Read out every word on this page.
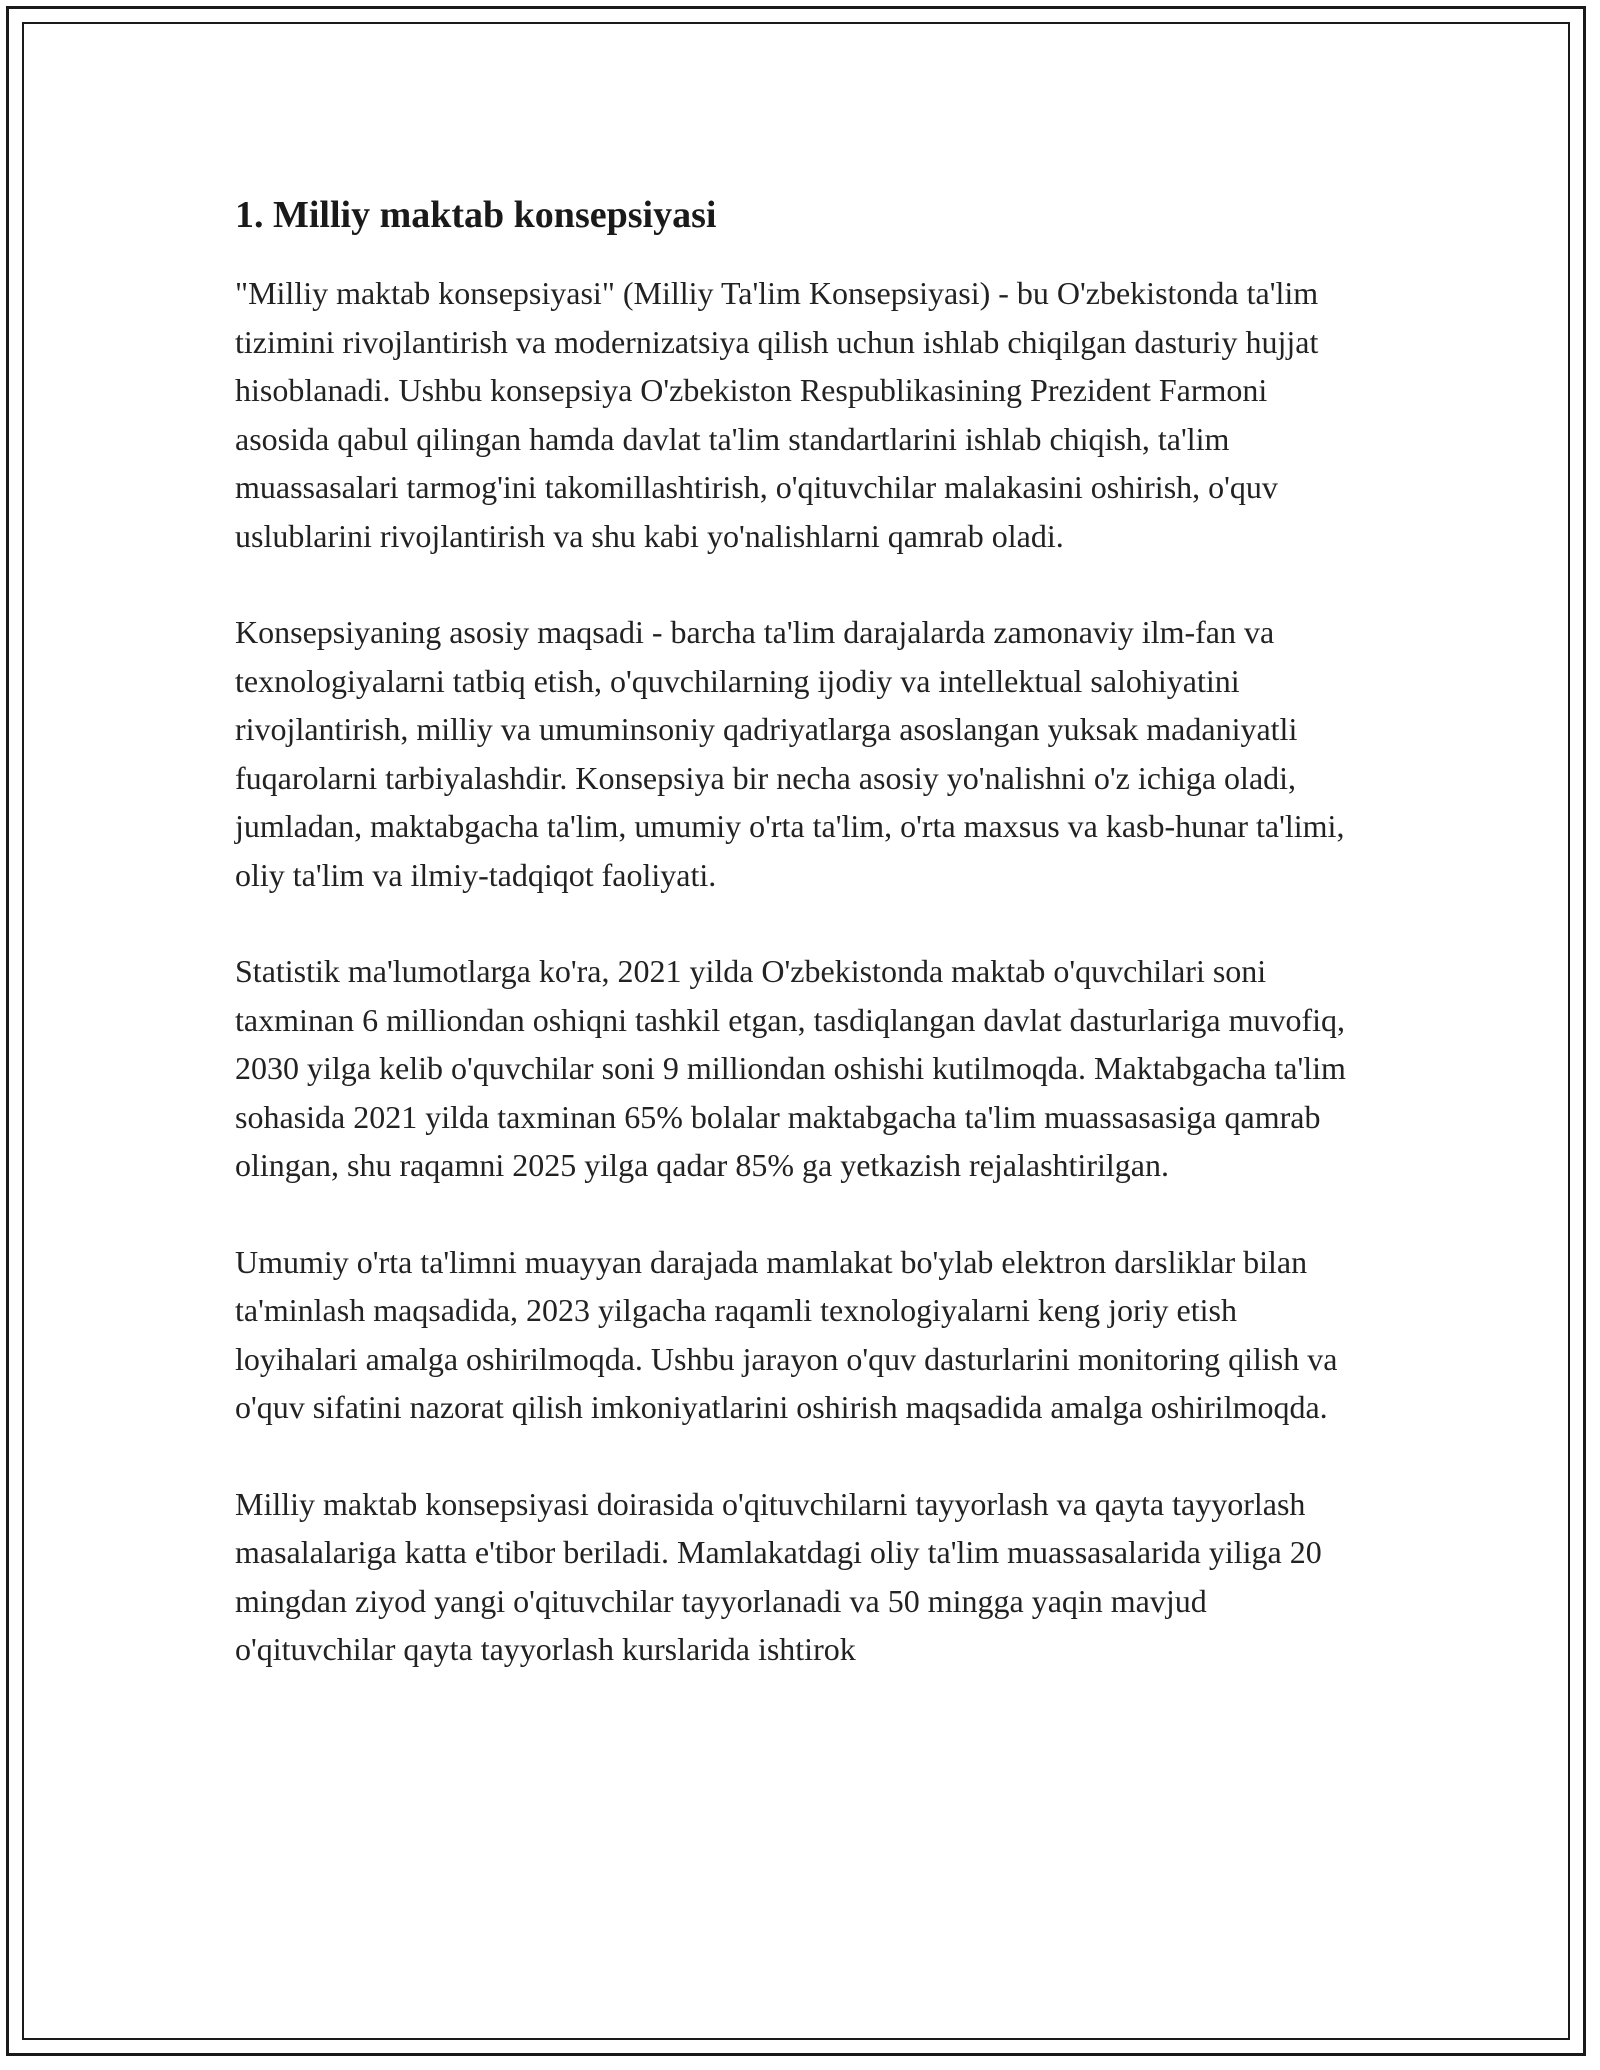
1. Milliy maktab konsepsiyasi

"Milliy maktab konsepsiyasi" (Milliy Ta'lim Konsepsiyasi) - bu O'zbekistonda ta'lim tizimini rivojlantirish va modernizatsiya qilish uchun ishlab chiqilgan dasturiy hujjat hisoblanadi. Ushbu konsepsiya O'zbekiston Respublikasining Prezident Farmoni asosida qabul qilingan hamda davlat ta'lim standartlarini ishlab chiqish, ta'lim muassasalari tarmog'ini takomillashtirish, o'qituvchilar malakasini oshirish, o'quv uslublarini rivojlantirish va shu kabi yo'nalishlarni qamrab oladi.

Konsepsiyaning asosiy maqsadi - barcha ta'lim darajalarda zamonaviy ilm-fan va texnologiyalarni tatbiq etish, o'quvchilarning ijodiy va intellektual salohiyatini rivojlantirish, milliy va umuminsoniy qadriyatlarga asoslangan yuksak madaniyatli fuqarolarni tarbiyalashdir. Konsepsiya bir necha asosiy yo'nalishni o'z ichiga oladi, jumladan, maktabgacha ta'lim, umumiy o'rta ta'lim, o'rta maxsus va kasb-hunar ta'limi, oliy ta'lim va ilmiy-tadqiqot faoliyati.

Statistik ma'lumotlarga ko'ra, 2021 yilda O'zbekistonda maktab o'quvchilari soni taxminan 6 milliondan oshiqni tashkil etgan, tasdiqlangan davlat dasturlariga muvofiq, 2030 yilga kelib o'quvchilar soni 9 milliondan oshishi kutilmoqda. Maktabgacha ta'lim sohasida 2021 yilda taxminan 65% bolalar maktabgacha ta'lim muassasasiga qamrab olingan, shu raqamni 2025 yilga qadar 85% ga yetkazish rejalashtirilgan.

Umumiy o'rta ta'limni muayyan darajada mamlakat bo'ylab elektron darsliklar bilan ta'minlash maqsadida, 2023 yilgacha raqamli texnologiyalarni keng joriy etish loyihalari amalga oshirilmoqda. Ushbu jarayon o'quv dasturlarini monitoring qilish va o'quv sifatini nazorat qilish imkoniyatlarini oshirish maqsadida amalga oshirilmoqda.

Milliy maktab konsepsiyasi doirasida o'qituvchilarni tayyorlash va qayta tayyorlash masalalariga katta e'tibor beriladi. Mamlakatdagi oliy ta'lim muassasalarida yiliga 20 mingdan ziyod yangi o'qituvchilar tayyorlanadi va 50 mingga yaqin mavjud o'qituvchilar qayta tayyorlash kurslarida ishtirok
